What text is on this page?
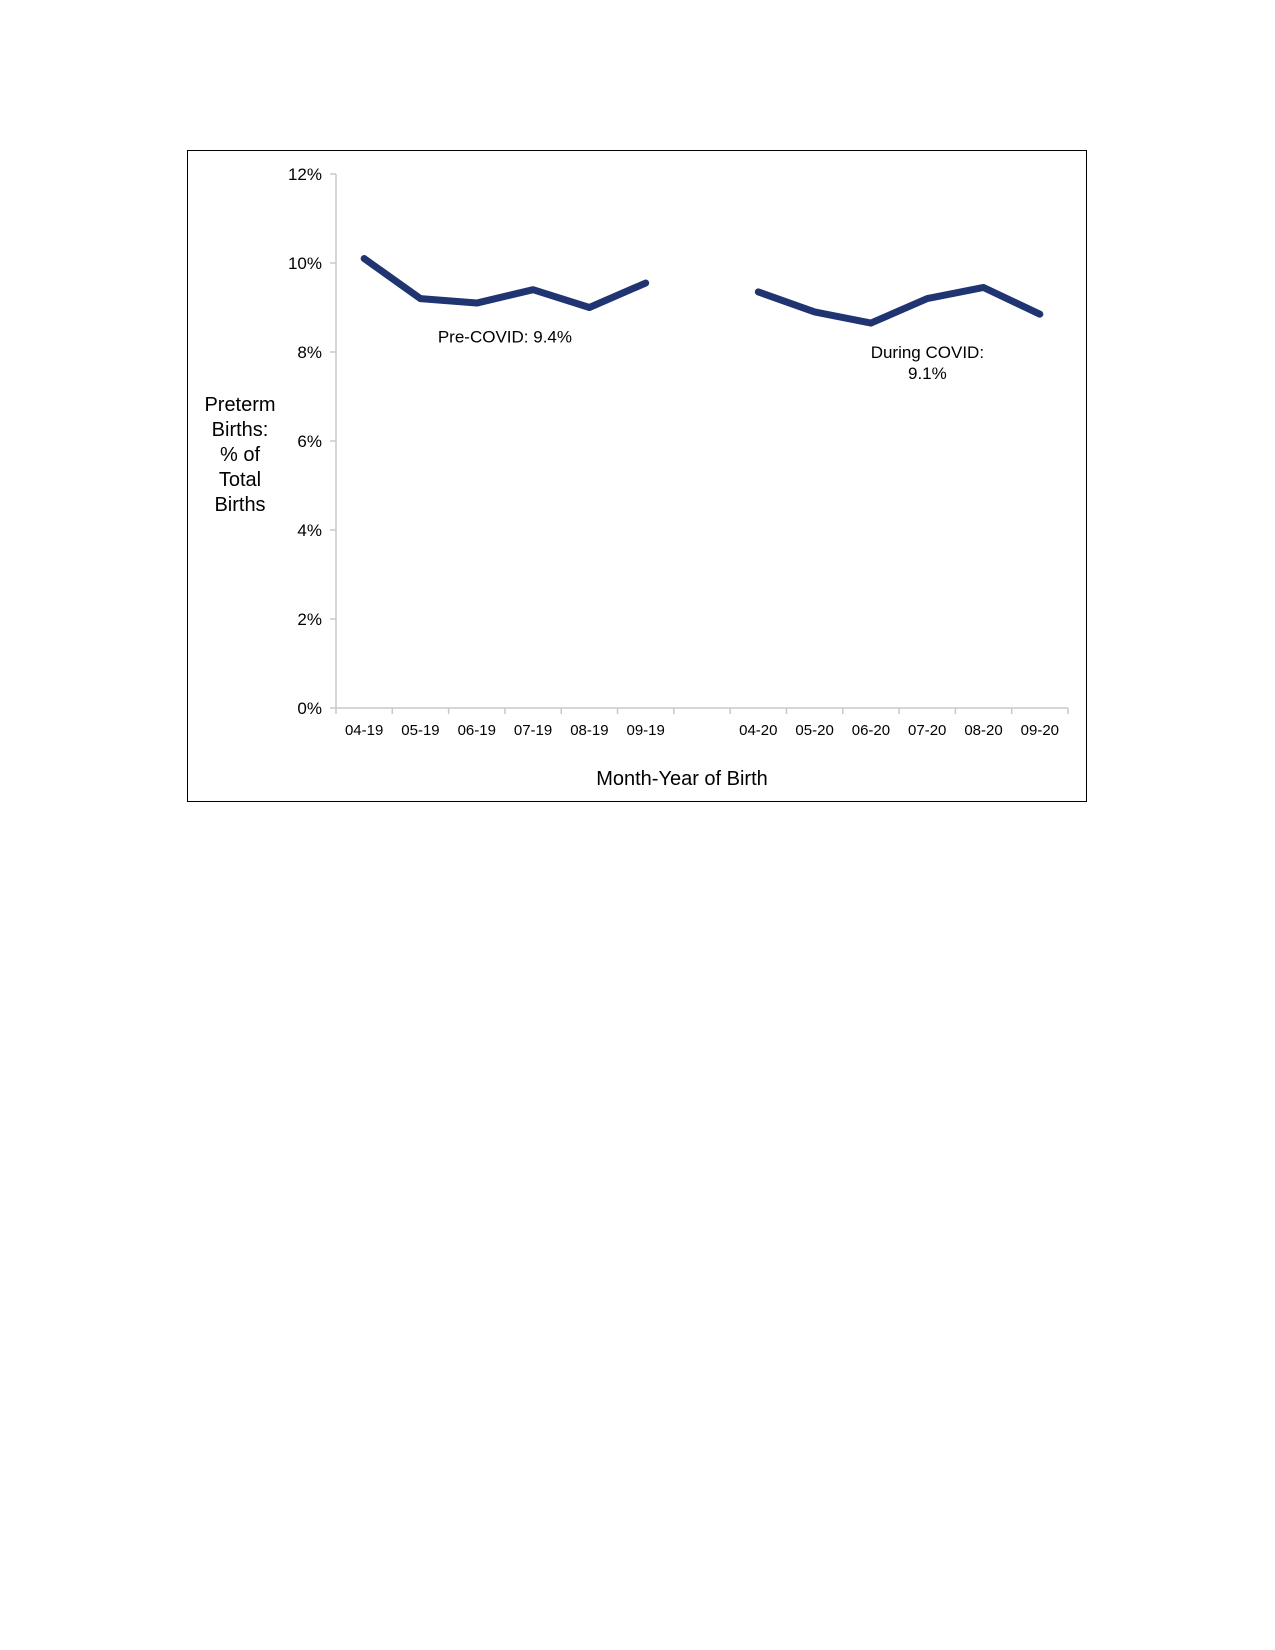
Preterm
Births:
% of
Total
Births
0%
2%
4%
6%
8%
10%
12%
04-19 05-19 06-19 07-19 08-19 09-19	04-20 05-20 06-20 07-20 08-20 09-20
Pre-COVID: 9.4%
During COVID:
9.1%
Month-Year of Birth
